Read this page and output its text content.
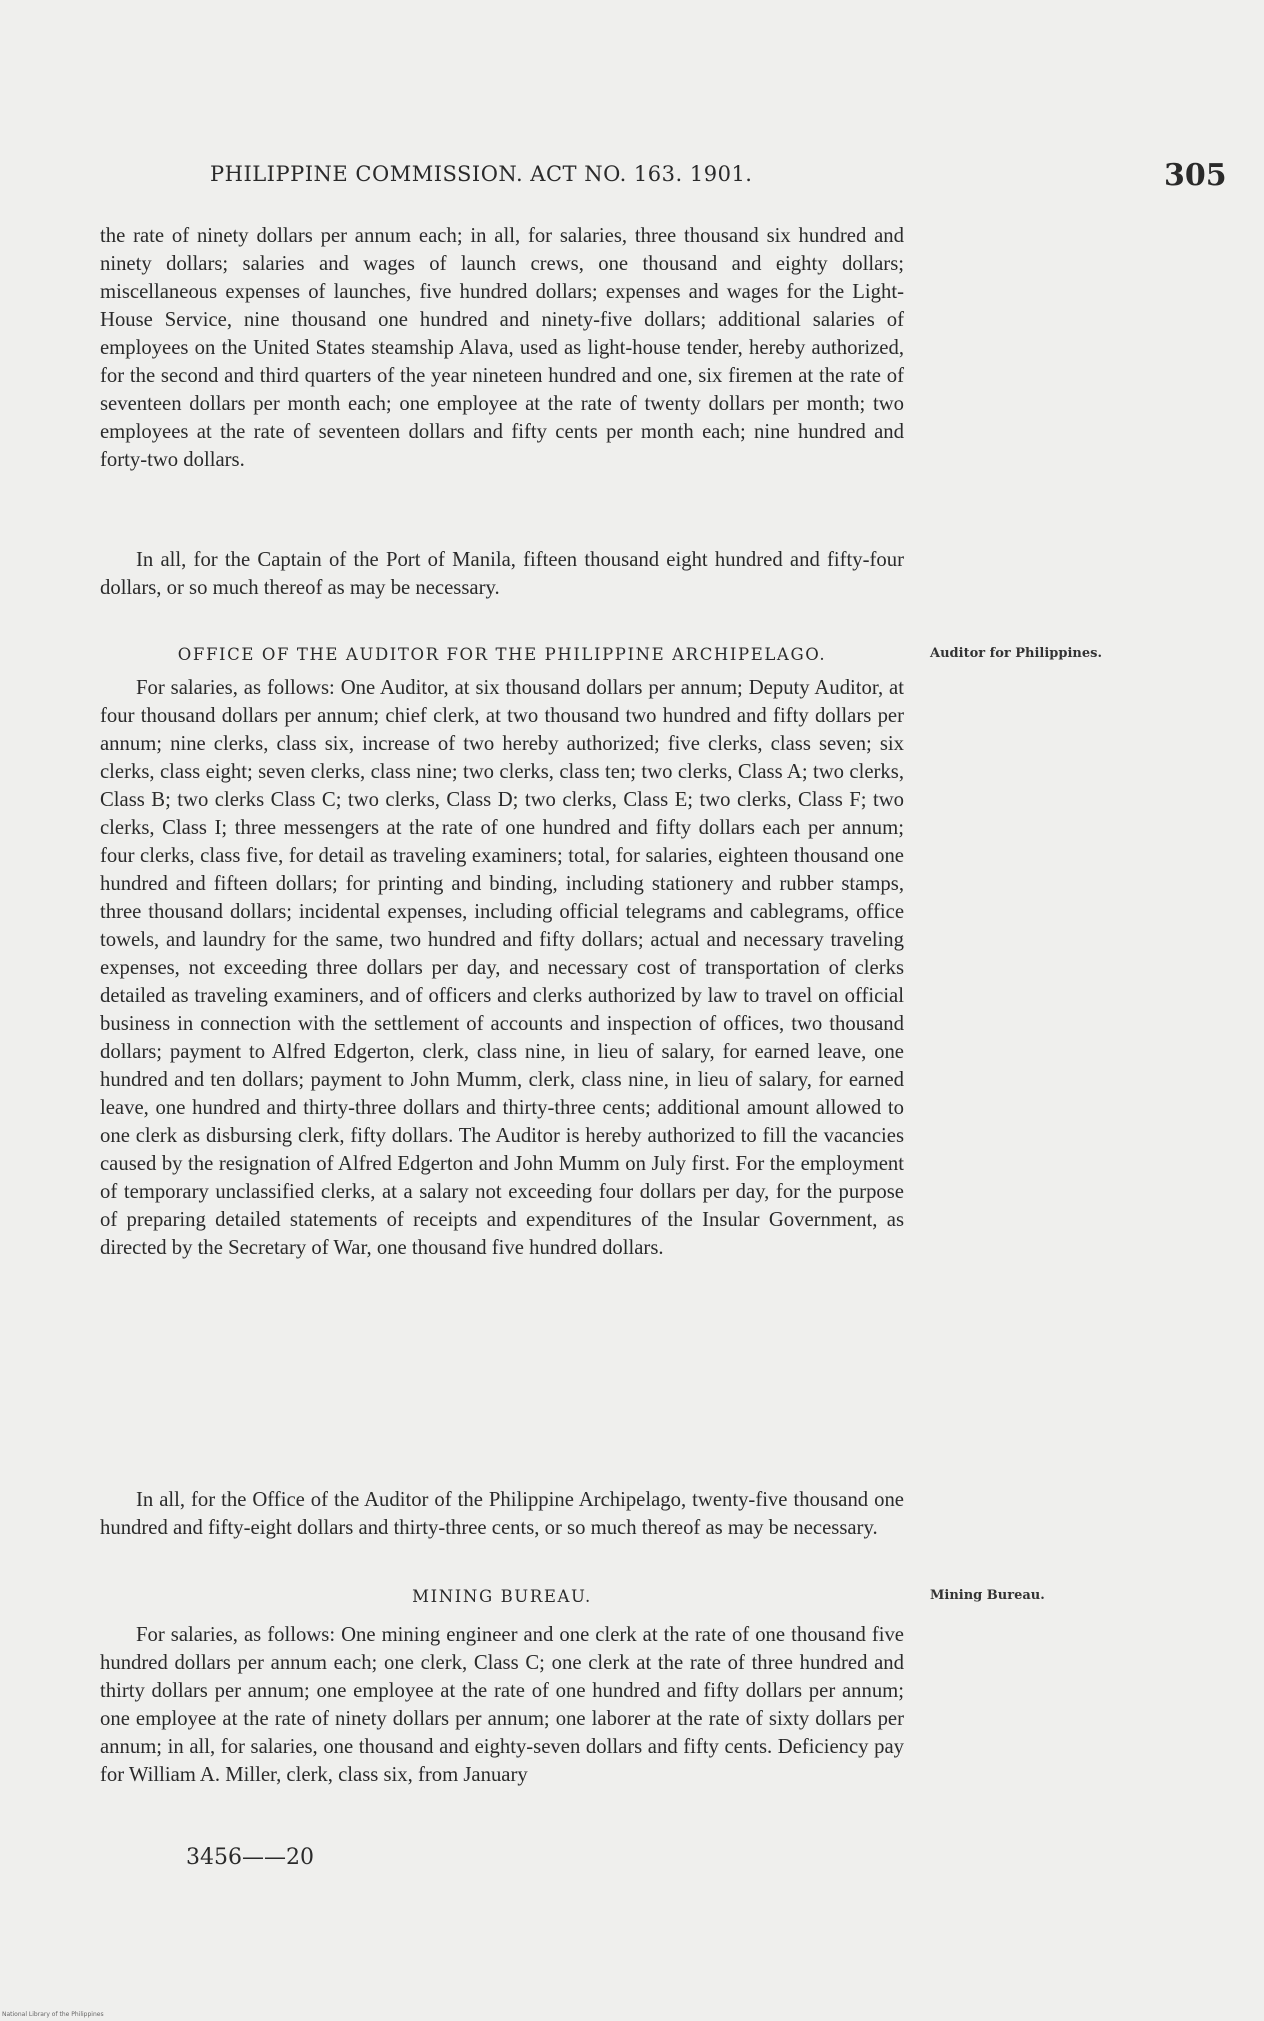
PHILIPPINE COMMISSION. ACT NO. 163. 1901.	305

the rate of ninety dollars per annum each; in all, for salaries, three thousand six hundred and ninety dollars; salaries and wages of launch crews, one thousand and eighty dollars; miscellaneous expenses of launches, five hundred dollars; expenses and wages for the Light-House Service, nine thousand one hundred and ninety-five dollars; additional salaries of employees on the United States steamship Alava, used as light-house tender, hereby authorized, for the second and third quarters of the year nineteen hundred and one, six firemen at the rate of seventeen dollars per month each; one employee at the rate of twenty dollars per month; two employees at the rate of seventeen dollars and fifty cents per month each; nine hundred and forty-two dollars.

In all, for the Captain of the Port of Manila, fifteen thousand eight hundred and fifty-four dollars, or so much thereof as may be necessary.

OFFICE OF THE AUDITOR FOR THE PHILIPPINE ARCHIPELAGO.	Auditor for Philippines.

For salaries, as follows: One Auditor, at six thousand dollars per annum; Deputy Auditor, at four thousand dollars per annum; chief clerk, at two thousand two hundred and fifty dollars per annum; nine clerks, class six, increase of two hereby authorized; five clerks, class seven; six clerks, class eight; seven clerks, class nine; two clerks, class ten; two clerks, Class A; two clerks, Class B; two clerks Class C; two clerks, Class D; two clerks, Class E; two clerks, Class F; two clerks, Class I; three messengers at the rate of one hundred and fifty dollars each per annum; four clerks, class five, for detail as traveling examiners; total, for salaries, eighteen thousand one hundred and fifteen dollars; for printing and binding, including stationery and rubber stamps, three thousand dollars; incidental expenses, including official telegrams and cablegrams, office towels, and laundry for the same, two hundred and fifty dollars; actual and necessary traveling expenses, not exceeding three dollars per day, and necessary cost of transportation of clerks detailed as traveling examiners, and of officers and clerks authorized by law to travel on official business in connection with the settlement of accounts and inspection of offices, two thousand dollars; payment to Alfred Edgerton, clerk, class nine, in lieu of salary, for earned leave, one hundred and ten dollars; payment to John Mumm, clerk, class nine, in lieu of salary, for earned leave, one hundred and thirty-three dollars and thirty-three cents; additional amount allowed to one clerk as disbursing clerk, fifty dollars. The Auditor is hereby authorized to fill the vacancies caused by the resignation of Alfred Edgerton and John Mumm on July first. For the employment of temporary unclassified clerks, at a salary not exceeding four dollars per day, for the purpose of preparing detailed statements of receipts and expenditures of the Insular Government, as directed by the Secretary of War, one thousand five hundred dollars.

In all, for the Office of the Auditor of the Philippine Archipelago, twenty-five thousand one hundred and fifty-eight dollars and thirty-three cents, or so much thereof as may be necessary.

MINING BUREAU.	Mining Bureau.

For salaries, as follows: One mining engineer and one clerk at the rate of one thousand five hundred dollars per annum each; one clerk, Class C; one clerk at the rate of three hundred and thirty dollars per annum; one employee at the rate of one hundred and fifty dollars per annum; one employee at the rate of ninety dollars per annum; one laborer at the rate of sixty dollars per annum; in all, for salaries, one thousand and eighty-seven dollars and fifty cents. Deficiency pay for William A. Miller, clerk, class six, from January

3456——20
National Library of the Philippines
